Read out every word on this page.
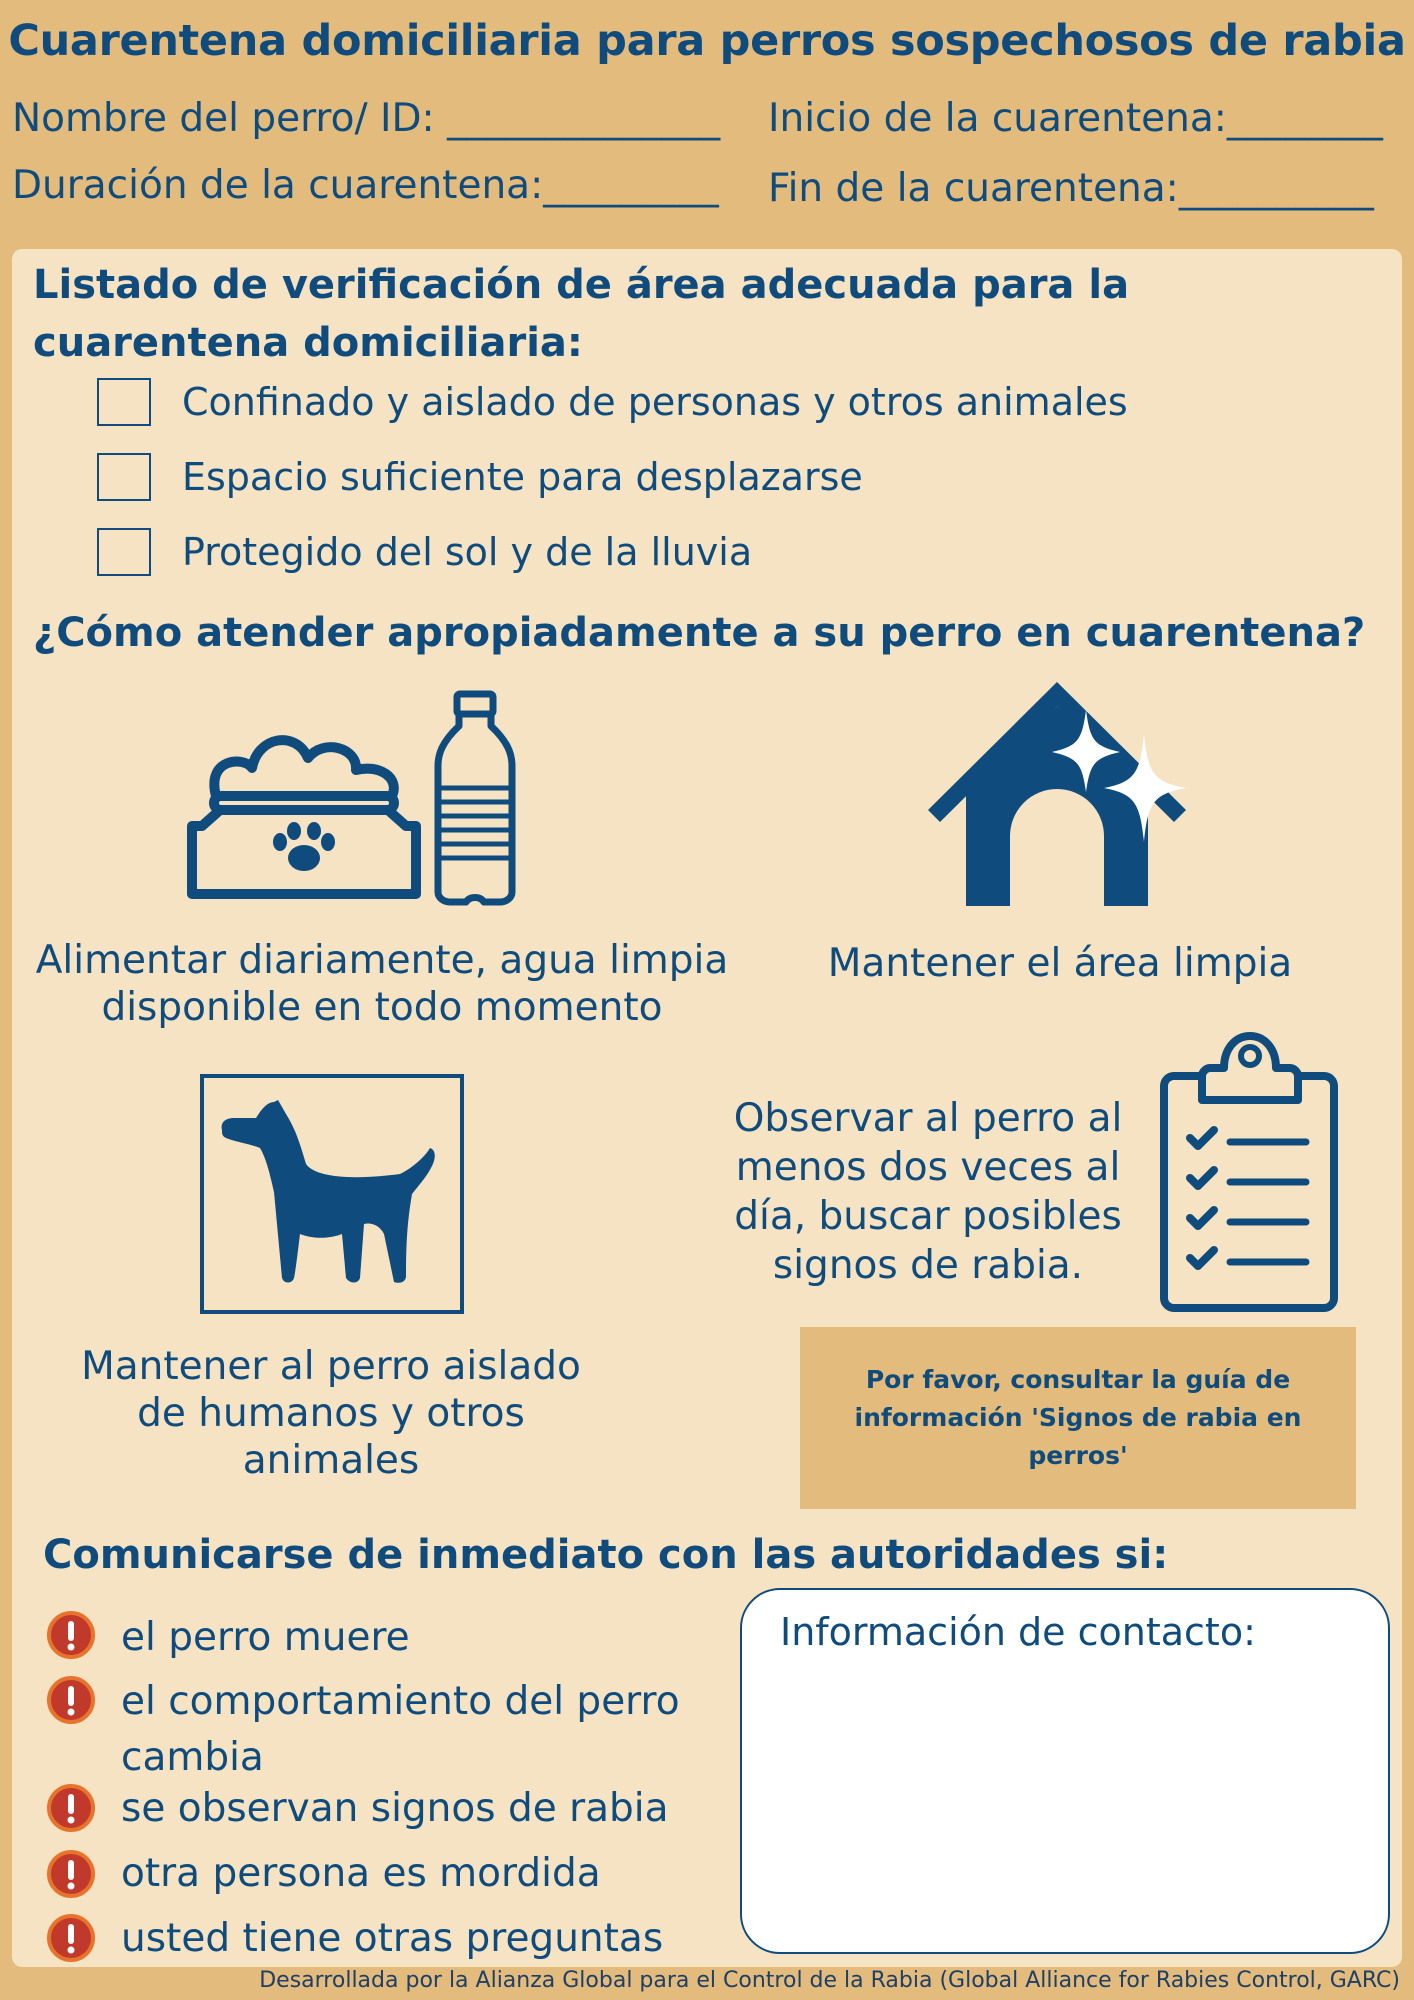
Cuarentena domiciliaria para perros sospechosos de rabia
Nombre del perro/ ID: ______________ Inicio de la cuarentena:________
Duración de la cuarentena:_________ Fin de la cuarentena:__________
Listado de verificación de área adecuada para la cuarentena domiciliaria:
Confinado y aislado de personas y otros animales
Espacio suficiente para desplazarse
Protegido del sol y de la lluvia
¿Cómo atender apropiadamente a su perro en cuarentena?
Alimentar diariamente, agua limpia disponible en todo momento
Mantener el área limpia
Mantener al perro aislado de humanos y otros animales
Observar al perro al menos dos veces al día, buscar posibles signos de rabia.
Por favor, consultar la guía de información 'Signos de rabia en perros'
Comunicarse de inmediato con las autoridades si:
el perro muere
el comportamiento del perro cambia
se observan signos de rabia
otra persona es mordida
usted tiene otras preguntas
Información de contacto:
Desarrollada por la Alianza Global para el Control de la Rabia (Global Alliance for Rabies Control, GARC)
